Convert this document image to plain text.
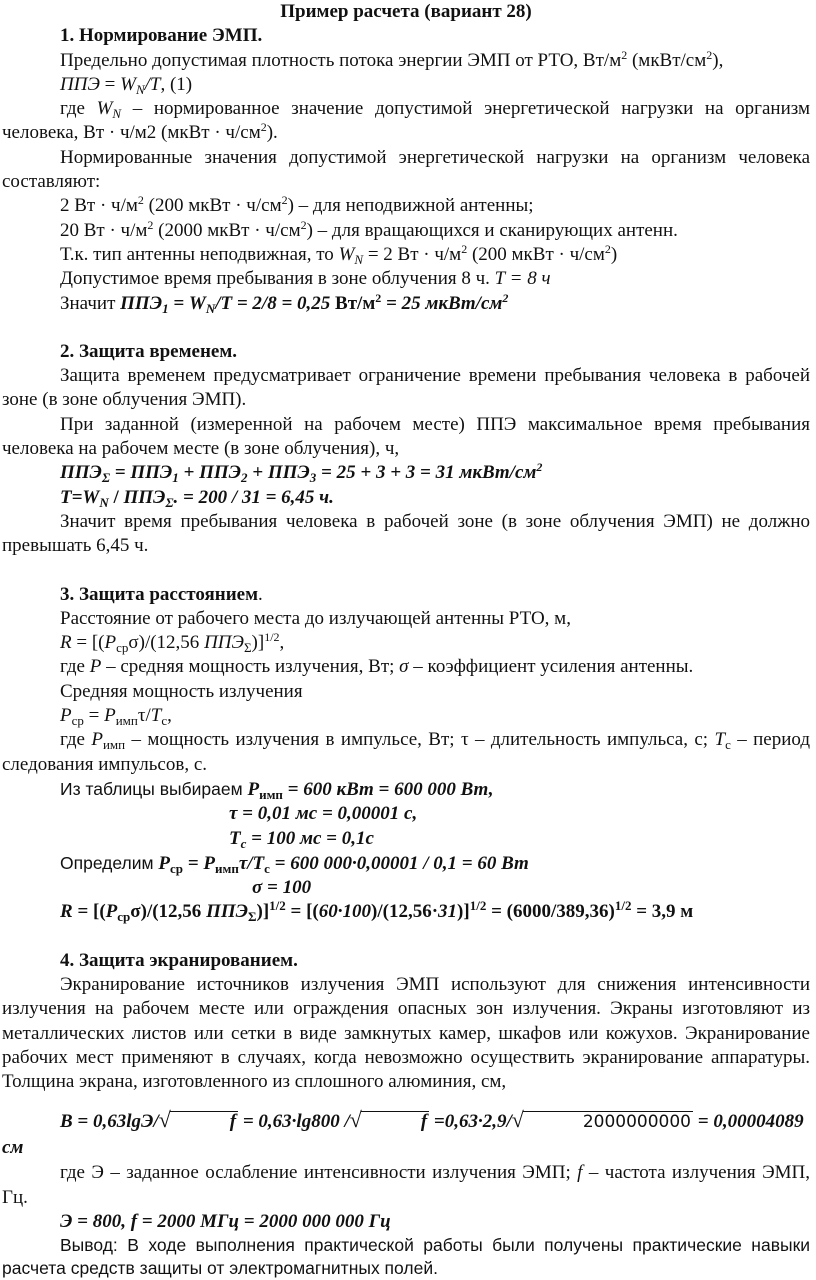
Пример расчета (вариант 28)

1. Нормирование ЭМП.

Предельно допустимая плотность потока энергии ЭМП от РТО, $Вт/м^2$ $(мкВт/см^2)$,

ППЭ = $W_N/T$, (1)

где $W_N$ – нормированное значение допустимой энергетической нагрузки на организм человека, Вт · ч/м2 (мкВт · $ч/см^2$).

Нормированные значения допустимой энергетической нагрузки на организм человека составляют:

2 Вт · $ч/м^2$ (200 мкВт · $ч/см^2$) – для неподвижной антенны;

20 Вт · $ч/м^2$ (2000 мкВт · $ч/см^2$) – для вращающихся и сканирующих антенн.

Т.к. тип антенны неподвижная, то $W_N = 2$ Вт · $ч/м^2$ (200 мкВт · $ч/см^2$)

Допустимое время пребывания в зоне облучения 8 ч. T = 8 ч

Значит $ППЭ_1 = W_N/T = 2/8 = 0,25$ $Вт/м^2 = 25$ мкВт/$см^2$

2. Защита временем.

Защита временем предусматривает ограничение времени пребывания человека в рабочей зоне (в зоне облучения ЭМП).

При заданной (измеренной на рабочем месте) ППЭ максимальное время пребывания человека на рабочем месте (в зоне облучения), ч,

$ППЭ_\Sigma = ППЭ_1 + ППЭ_2 + ППЭ_3 = 25 + 3 + 3 = 31$ мкВт/$см^2$

$T=W_N / ППЭ_\Sigma$. = 200 / 31 = 6,45 ч.

Значит время пребывания человека в рабочей зоне (в зоне облучения ЭМП) не должно превышать 6,45 ч.

3. Защита расстоянием.

Расстояние от рабочего места до излучающей антенны РТО, м,

$R = [(P_{ср}\sigma)/(12,56$ $ППЭ_\Sigma)]^{1/2}$,

где P – средняя мощность излучения, Вт; σ – коэффициент усиления антенны.

Средняя мощность излучения

$P_{ср} = P_{имп}\tau/T_с$,

где $P_{имп}$ – мощность излучения в импульсе, Вт; τ – длительность импульса, с; $T_с$ – период следования импульсов, с.

Из таблицы выбираем $P_{имп} = 600$ кВт = 600 000 Вт,

τ = 0,01 мс = 0,00001 с,

$T_с = 100$ мс = 0,1с

Определим $P_{ср} = P_{имп}\tau/T_с = 600$ 000·0,00001 / 0,1 = 60 Вт

σ = 100

$R = [(P_{ср}\sigma)/(12,56$ $ППЭ_\Sigma)]^{1/2} = [(60\cdot 100)/(12,56\cdot 31)]^{1/2} = (6000/389,36)^{1/2} = 3,9$ м

4. Защита экранированием.

Экранирование источников излучения ЭМП используют для снижения интенсивности излучения на рабочем месте или ограждения опасных зон излучения. Экраны изготовляют из металлических листов или сетки в виде замкнутых камер, шкафов или кожухов. Экранирование рабочих мест применяют в случаях, когда невозможно осуществить экранирование аппаратуры. Толщина экрана, изготовленного из сплошного алюминия, см,

B = 0,63lgЭ/√	f = 0,63·lg800 /√	f =0,63·2,9/√	2000000000 = 0,00004089 см

где Э – заданное ослабление интенсивности излучения ЭМП; f – частота излучения ЭМП, Гц.

Э = 800, f = 2000 МГц = 2000 000 000 Гц

Вывод: В ходе выполнения практической работы были получены практические навыки расчета средств защиты от электромагнитных полей.
